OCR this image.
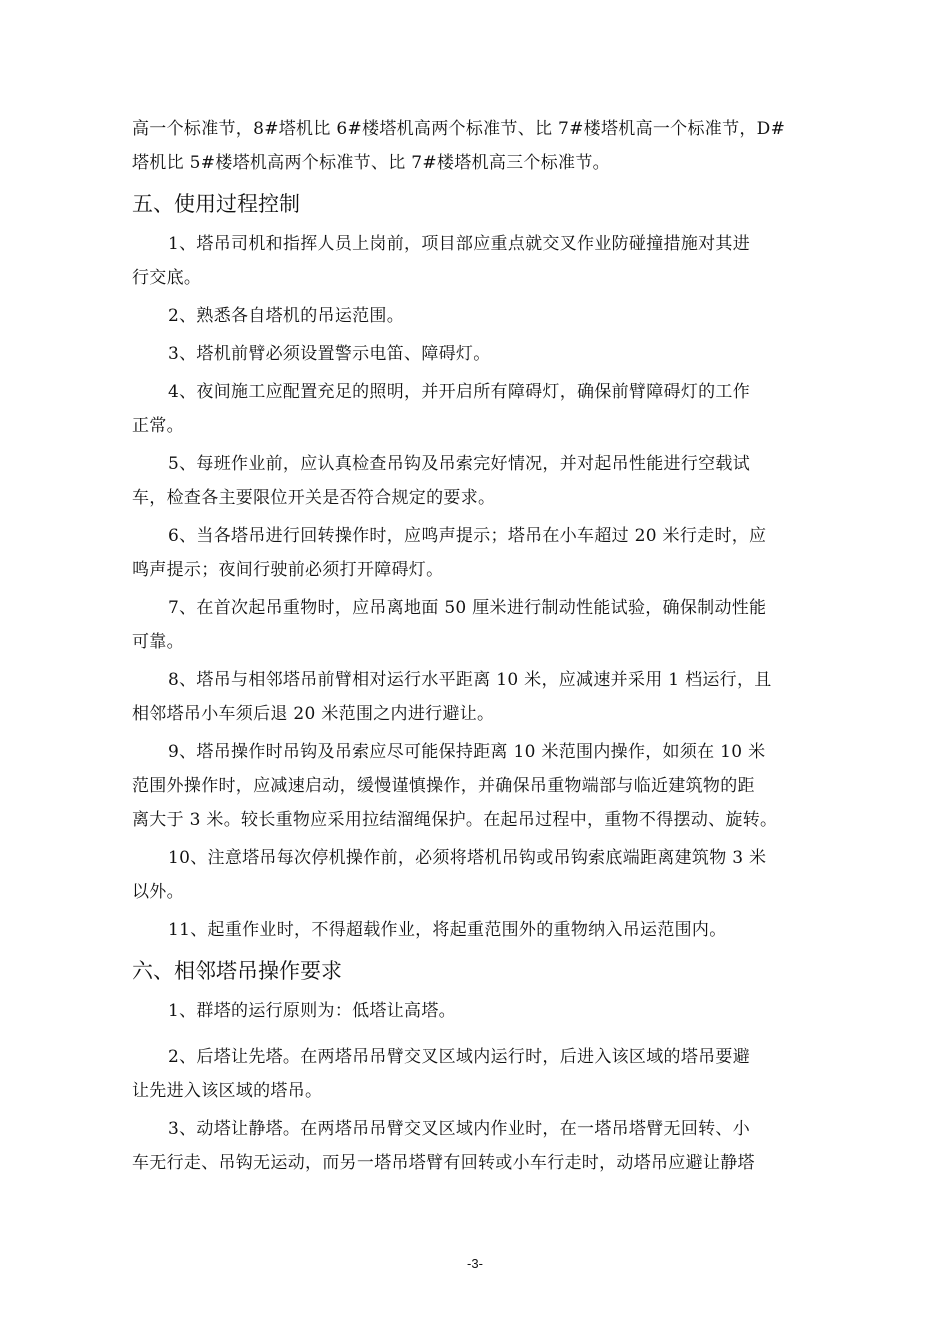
高一个标准节，8#塔机比 6#楼塔机高两个标准节、比 7#楼塔机高一个标准节，D#
塔机比 5#楼塔机高两个标准节、比 7#楼塔机高三个标准节。
五、使用过程控制
1、塔吊司机和指挥人员上岗前，项目部应重点就交叉作业防碰撞措施对其进
行交底。
2、熟悉各自塔机的吊运范围。
3、塔机前臂必须设置警示电笛、障碍灯。
4、夜间施工应配置充足的照明，并开启所有障碍灯，确保前臂障碍灯的工作
正常。
5、每班作业前，应认真检查吊钩及吊索完好情况，并对起吊性能进行空载试
车，检查各主要限位开关是否符合规定的要求。
6、当各塔吊进行回转操作时，应鸣声提示；塔吊在小车超过 20 米行走时，应
鸣声提示；夜间行驶前必须打开障碍灯。
7、在首次起吊重物时，应吊离地面 50 厘米进行制动性能试验，确保制动性能
可靠。
8、塔吊与相邻塔吊前臂相对运行水平距离 10 米，应减速并采用 1 档运行，且
相邻塔吊小车须后退 20 米范围之内进行避让。
9、塔吊操作时吊钩及吊索应尽可能保持距离 10 米范围内操作，如须在 10 米
范围外操作时，应减速启动，缓慢谨慎操作，并确保吊重物端部与临近建筑物的距
离大于 3 米。较长重物应采用拉结溜绳保护。在起吊过程中，重物不得摆动、旋转。
10、注意塔吊每次停机操作前，必须将塔机吊钩或吊钩索底端距离建筑物 3 米
以外。
11、起重作业时，不得超载作业，将起重范围外的重物纳入吊运范围内。
六、相邻塔吊操作要求
1、群塔的运行原则为：低塔让高塔。
2、后塔让先塔。在两塔吊吊臂交叉区域内运行时，后进入该区域的塔吊要避
让先进入该区域的塔吊。
3、动塔让静塔。在两塔吊吊臂交叉区域内作业时，在一塔吊塔臂无回转、小
车无行走、吊钩无运动，而另一塔吊塔臂有回转或小车行走时，动塔吊应避让静塔
-3-
